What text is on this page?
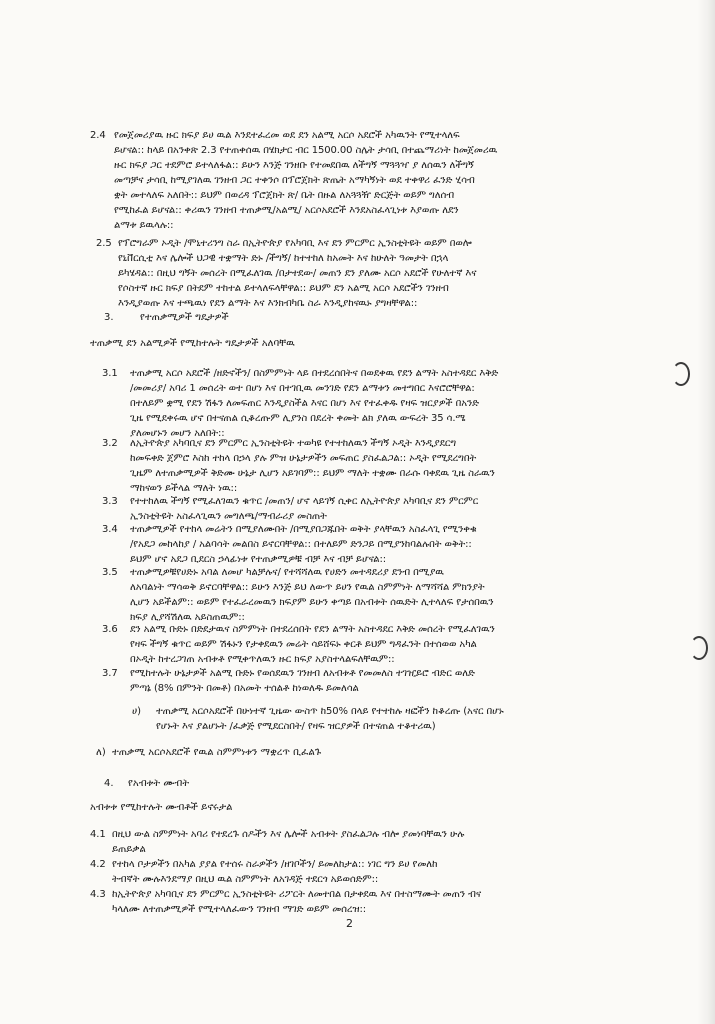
2.4 የመጀመሪያዉ ዙር ክፍያ ይሀ ዉል እንደተፈረመ ወደ ደን አልሚ አርሶ አደሮች አካዉንት የሚተላለፍ
ይሆናል:: ከላይ በአንቀጽ 2.3 የተጠቀሰዉ በሄክታር ብር 1500.00 ስሌት ታሳቢ በተጨማሪነት ከመጀመሪዉ
ዙር ክፍያ ጋር ተደምሮ ይተላለፋል:: ይሁን እንጅ ገንዘቡ የተመደበዉ ለችግኝ ማጓጓዣ ያ ለሰዉን ለችግኝ
መጣቻና ታሳቢ ከሚያገለዉ ገንዘብ ጋር ተቀንሶ በፕሮጀክት ጽጤት አማካኝነት ወደ ተቀዋሪ ፈንድ ሂሳብ
ቋት መተላለፍ አለበት:: ይህም በወረዳ ፕሮጀክት ጽ/ ቤት በዙል ለአጓጓዥ ድርጅት ወይም ግለሰብ
የሚከፈል ይሆናል:: ቀሪዉን ገንዘብ ተጠቃሚ/አልሚ/ አርሶአደሮች እንደአስፈላጊነቱ እያወጡ ለደን
ልማቱ ይዉላሉ::
2.5 የፕሮግራም ኦዲት /ሞኒተሪንግ ስራ በኢትዮጵያ የአካባቢ እና ደን ምርምር ኢንስቲትዩት ወይም በወሎ
የኒቨርሲቲ እና ሌሎች ህጋዊ ተቋማት ድኑ /ችግኝ/ ከተተከለ ከአመት እና ከሁለት ዓመታት በኋላ
ይካሄዳል:: በዚህ ግኝት መሰረት በሚፈለገዉ /በታተደው/ መጠን ደን ያለሙ አርሶ አደሮች የሁለተኛ እና
የሶስተኛ ዙር ክፍያ በትደም ተከተል ይተላለፍላቸዋል:: ይህም ደን አልሚ አርሶ አደሮችን ገንዘብ
እንዲያወጡ እና ተጫዉነ የደን ልማት እና እንክብካቤ ስራ እንዲያከናዉኑ ያግዛቸዋል::
3.	የተጠቃሚዎች ግዴታዎች
ተጠቃሚ ደን አልሚዎች የሚከተሉት ግዴታዎች አለባቸዉ
3.1 ተጠቃሚ አርሶ አደሮች /ዘድኖችን/ በስምምነት ላይ በተደረሰበትና በወደቀዉ የደን ልማት አስተዳደር እቅድ
/መመሪያ/ አባሪ 1 መሰረት ወተ በሆነ እና በተገቢዉ መንገድ የደን ልማቱን መተግበር እናሮሮቸዋል:
በተለይም ቋሚ የደን ሽፋን ለመፍጠር እንዲያስችል እናር በሆነ እና የተፈቀዱ የዛፍ ዝርያዎች በአንድ
ጊዜ የሚደቀሩዉ ሆኖ በተናጠል ሲቆረጡም ሊያንስ በደረት ቀመት ልክ ያለዉ ውፍረት 35 ሳ.ሜ
ያለመሆኑን መሆን አለበት::
3.2 ለኢትዮጵያ አካባቢና ደን ምርምር ኢንስቲትዩት ተወካዩ የተተከለዉን ችግኝ ኦዲት እንዲያደርግ
ከመፍቀድ ጀምሮ እስከ ተከላ በኃላ ያሉ ምዝ ሁኔታዎችን መፍጠር ያስፈልጋል:: ኦዲት የሚደረግበት
ጊዜም ለተጠቃሚዎች ቅድሙ ሁኔታ ሊሆን አይገባም:: ይህም ማለት ተቋሙ በራሱ ባቀደዉ ጊዜ ስራዉን
ማከናወን ይችላል ማለት ነዉ::
3.3 የተተከለዉ ችግኝ የሚፈለገዉን ቁጥር /መጠን/ ሆኖ ላይገኝ ሲቀር ለኢትዮጵያ አካባቢና ደን ምርምር
ኢንስቲትዩት አስፈላጊዉን መግለጫ/ማብራሪያ መስጠት
3.4 ተጠቃሚዎች የተከላ መሬትን በሚያለሙበት /በሚያበጋጁበት ወቅት ያላቸዉን አስፈላጊ የሚንቀቁ
/የአደጋ መከላከያ / አልባሳት መልበስ ይኖርባቸዋል:: በተለይም ድንጋይ በሚያንከባልሉበት ወቅት::
ይህም ሆኖ አደጋ ቢደርስ ኃላፊነቱ የተጠቃሚዎቹ ብቻ እና ብቻ ይሆናል::
3.5 ተጠቃሚዎቹየሀድኑ አባል ለመሆ ካልቻሉና/ የተሻሻለዉ የሀድን መተዳደሪያ ደንብ በሚያዉ
ለአባልነት ማሳወቅ ይኖርባቸዋል:: ይሁን እንጅ ይህ ለውጥ ይሀን የዉል ስምምነት ለማሻሻል ምክንያት
ሊሆን አይችልም:: ወይም የተፈራረመዉን ክፍያም ይሁን ቀጣይ በአብቱት ሰዉድት ሊተላለፍ የታሰበዉን
ክፍያ ሊያሻሽለዉ አይስጠዉም::
3.6 ደን አልሚ ቡድኑ በድደታዉና ስምምነት በተደረሰበት የደን ልማት አስተዳደር እቅድ መሰረት የሚፈለገዉን
የዛፍ ችግኝ ቁጥር ወይም ሽፋኑን የታቀደዉን መሬት ሳይሸፍኑ ቀርቶ ይህም ግዳፈንት በተሰወወ አካል
በኦዲት ከተረጋገጠ አብቱቶ የሚቀጥለዉን ዙር ክፍያ አያስተላልፍለቸዉም::
3.7 የሚከተሉት ሁኔታዎች አልሚ ቡድኑ የወሰደዉን ገንዘብ ለአብቱቶ የመመለስ ተገዢይሮ ብድር ወለድ
ምጣኔ (8% በምንት በመቶ) በአመት ተሰልቶ ከነወለዱ ይመለሳል
ሀ) ተጠቃሚ አርሶአደሮች በሁነተኛ ጊዜው ውስጥ ከ50% በላይ የተተከሉ ዛፎችን ከቆረጡ (አናር በሆኑ
የሆኑት እና ያልሆኑት /ፈቃጅ የሚደርስበት/ የዛፍ ዝርያዎች በተናጠል ተቆተሪዉ)
ለ) ተጠቃሚ አርሶአደሮች የዉል ስምምነቱን ማቋረጥ ቢፈልጉ
4. የአብቱት ሙብት
አብቱቱ የሚከተሉት ሙብቶች ይኖሩታል
4.1 በዚህ ውል ስምምነት አባሪ የተደረጉ ሰዶችን እና ሌሎች አብቱት ያስፈልጋሉ ብሎ ያመነባቸዉን ሁሉ
ይጠይቃል
4.2 የተከላ ቦታዎችን በአካል ያያል የተሰሩ ስራዎችን /ዘገቦችን/ ይመለከታል:: ነገር ግን ይሀ የመለከ
ትብኛት ሙሉእንደማያ በዚህ ዉል ስምምነት ለአገዳጅ ተደርጎ አይወሰድም::
4.3 ከኢትዮጵያ አካባቢና ደን ምርምር ኢንስቲትዩት ሪፖርት ለመተበል በታቀደዉ እና በተስማሙት መጠን ብና
ካላለሙ ለተጠቃሚዎች የሚተላለፈውን ገንዘብ ማገድ ወይም መሰረዝ::
2
